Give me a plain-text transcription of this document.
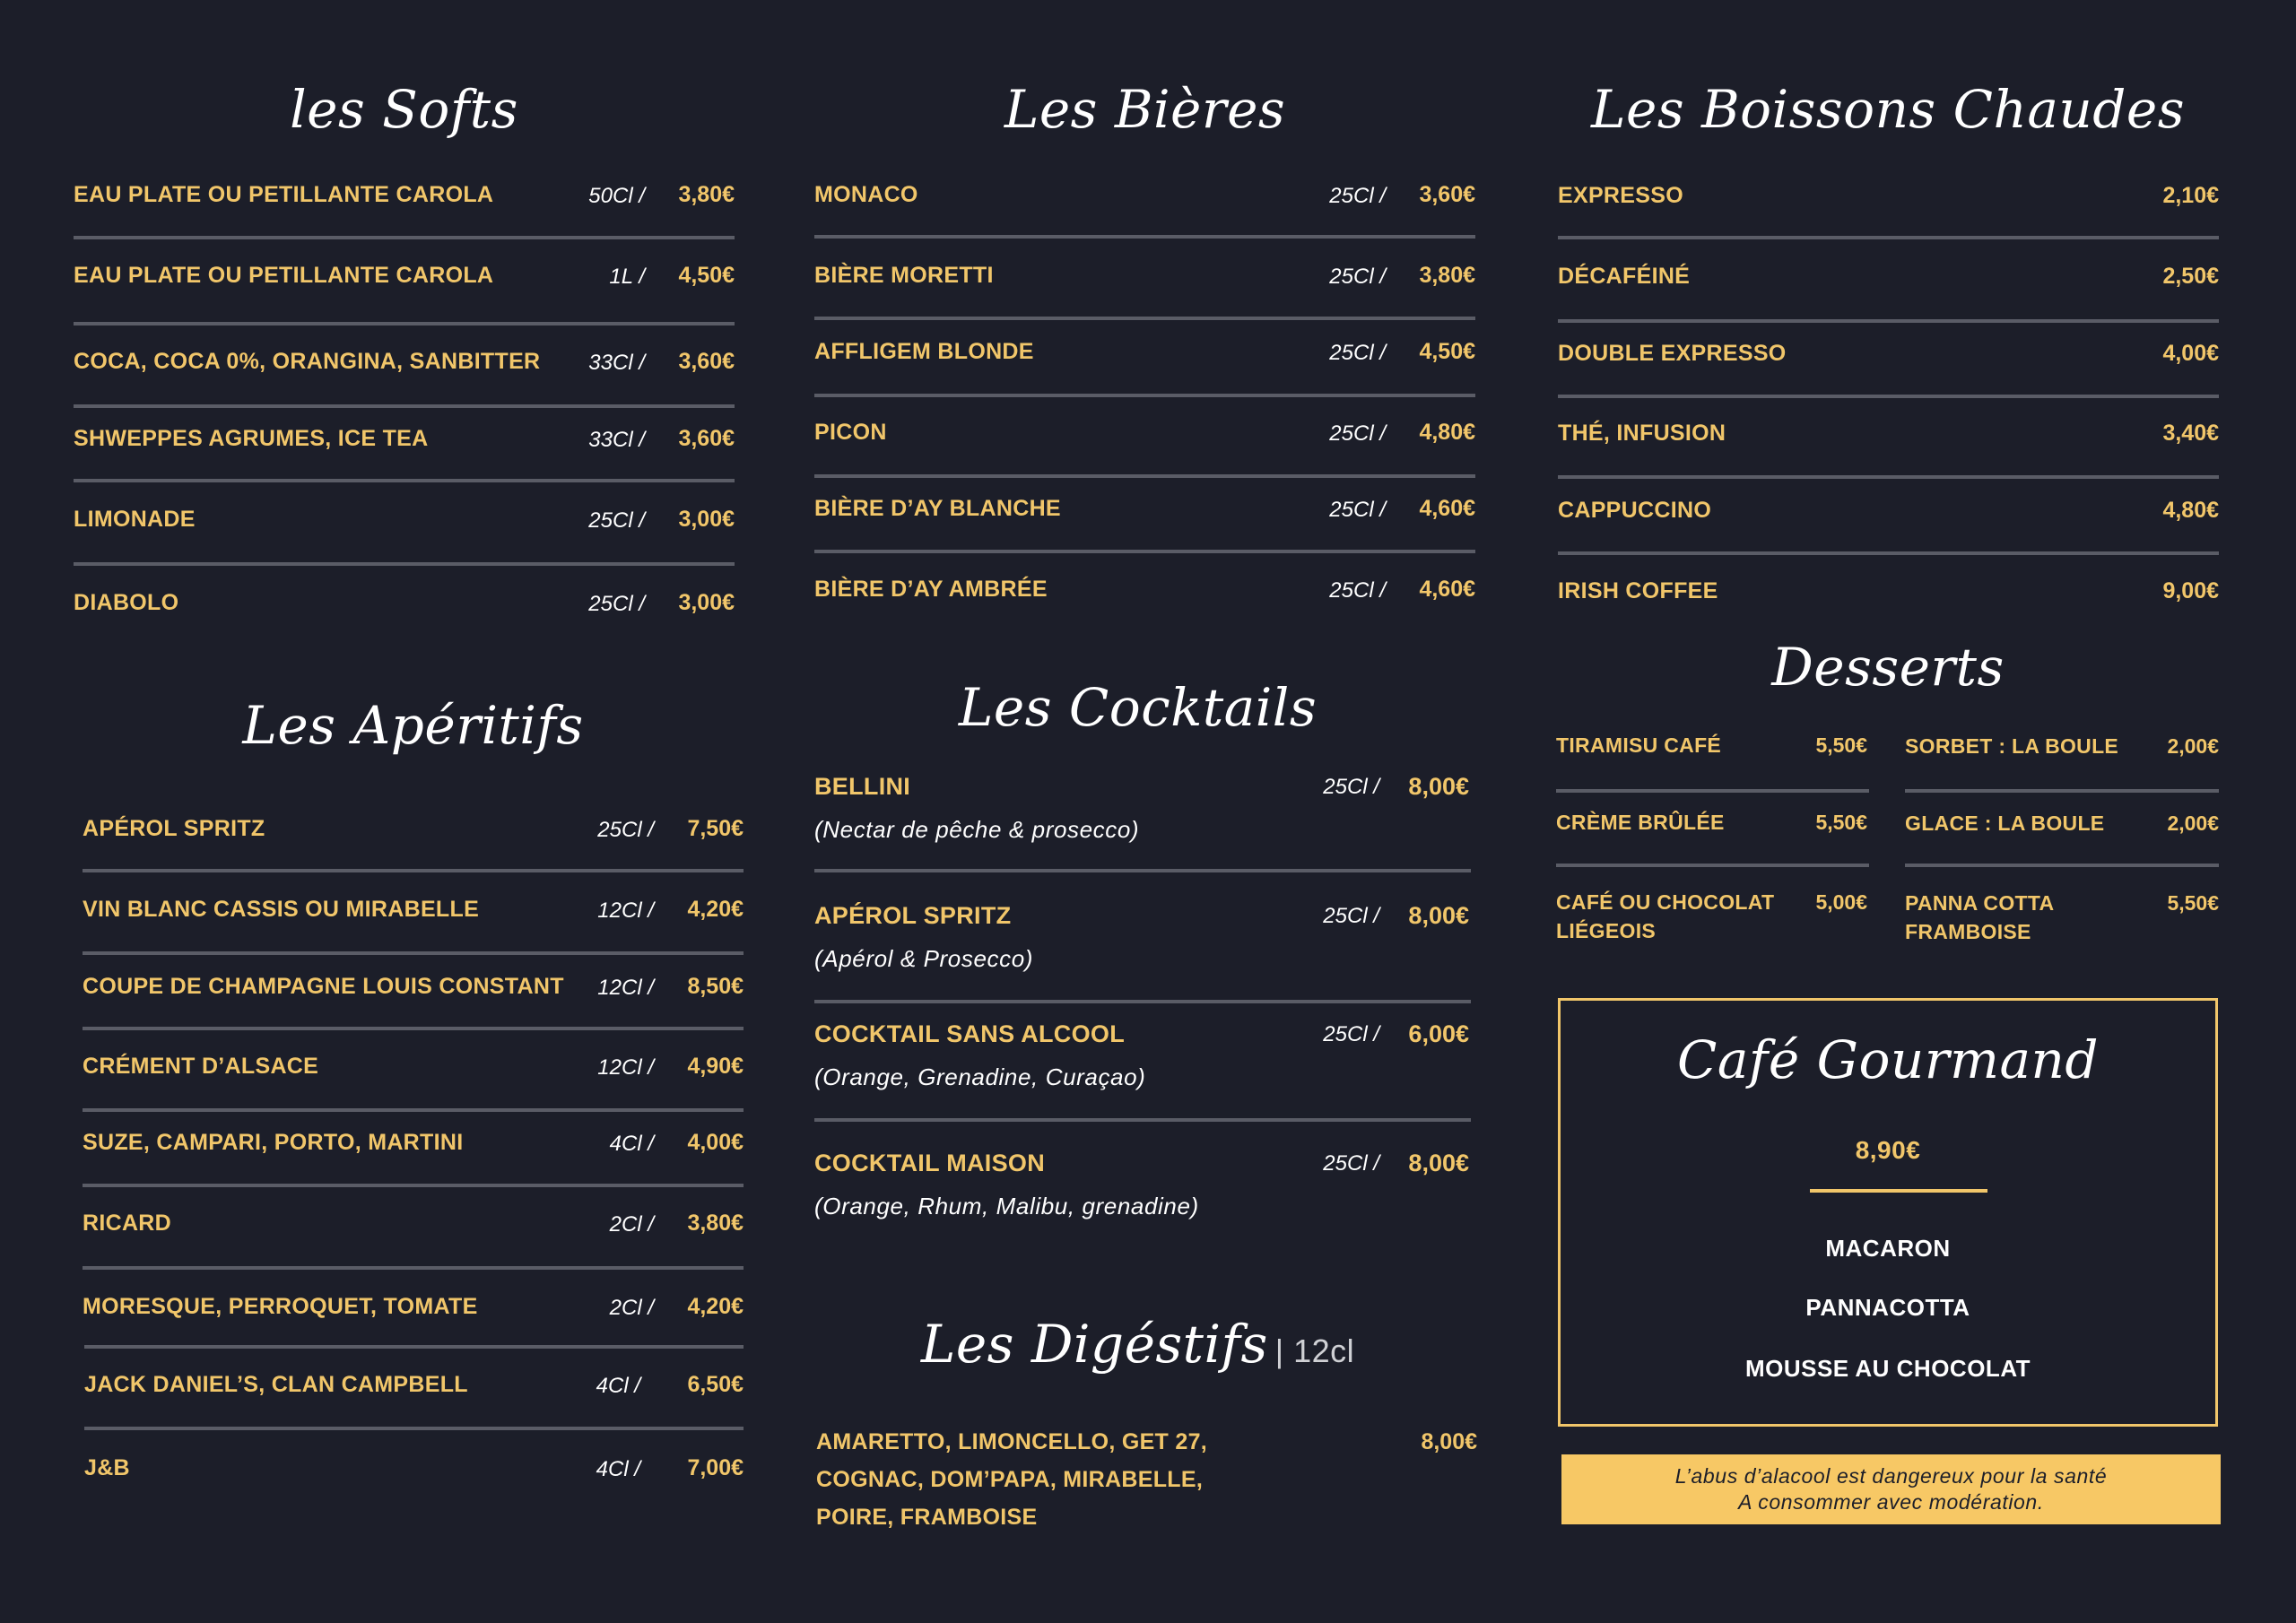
les Softs
EAU PLATE OU PETILLANTE CAROLA	50Cl / 3,80€
EAU PLATE OU PETILLANTE CAROLA	1L / 4,50€
COCA, COCA 0%, ORANGINA, SANBITTER 33Cl / 3,60€
SHWEPPES AGRUMES, ICE TEA	33Cl / 3,60€
LIMONADE	25Cl / 3,00€
DIABOLO	25Cl / 3,00€
Les Apéritifs
APÉROL SPRITZ	25Cl / 7,50€
VIN BLANC CASSIS OU MIRABELLE	12Cl / 4,20€
COUPE DE CHAMPAGNE LOUIS CONSTANT 12Cl / 8,50€
CRÉMENT D’ALSACE	12Cl / 4,90€
SUZE, CAMPARI, PORTO, MARTINI	4Cl / 4,00€
RICARD	2Cl / 3,80€
MORESQUE, PERROQUET, TOMATE	2Cl / 4,20€
JACK DANIEL’S, CLAN CAMPBELL	4Cl / 6,50€
J&B	4Cl / 7,00€
Les Bières
MONACO	25Cl / 3,60€
BIÈRE MORETTI	25Cl / 3,80€
AFFLIGEM BLONDE	25Cl / 4,50€
PICON	25Cl / 4,80€
BIÈRE D’AY BLANCHE	25Cl / 4,60€
BIÈRE D’AY AMBRÉE	25Cl / 4,60€
Les Cocktails
BELLINI	25Cl / 8,00€
(Nectar de pêche & prosecco)
APÉROL SPRITZ	25Cl / 8,00€
(Apérol & Prosecco)
COCKTAIL SANS ALCOOL	25Cl / 6,00€
(Orange, Grenadine, Curaçao)
COCKTAIL MAISON	25Cl / 8,00€
(Orange, Rhum, Malibu, grenadine)
Les Digéstifs | 12cl
AMARETTO, LIMONCELLO, GET 27,
COGNAC, DOM’PAPA, MIRABELLE,
POIRE, FRAMBOISE
8,00€
Les Boissons Chaudes
EXPRESSO	2,10€
DÉCAFÉINÉ	2,50€
DOUBLE EXPRESSO	4,00€
THÉ, INFUSION	3,40€
CAPPUCCINO	4,80€
IRISH COFFEE	9,00€
Desserts
TIRAMISU CAFÉ	5,50€
CRÈME BRÛLÉE	5,50€
CAFÉ OU CHOCOLAT
LIÉGEOIS
5,00€
SORBET : LA BOULE 2,00€
GLACE : LA BOULE	2,00€
PANNA COTTA
FRAMBOISE
5,50€
Café Gourmand
8,90€
MACARON
PANNACOTTA
MOUSSE AU CHOCOLAT
L’abus d’alacool est dangereux pour la santé
A consommer avec modération.
